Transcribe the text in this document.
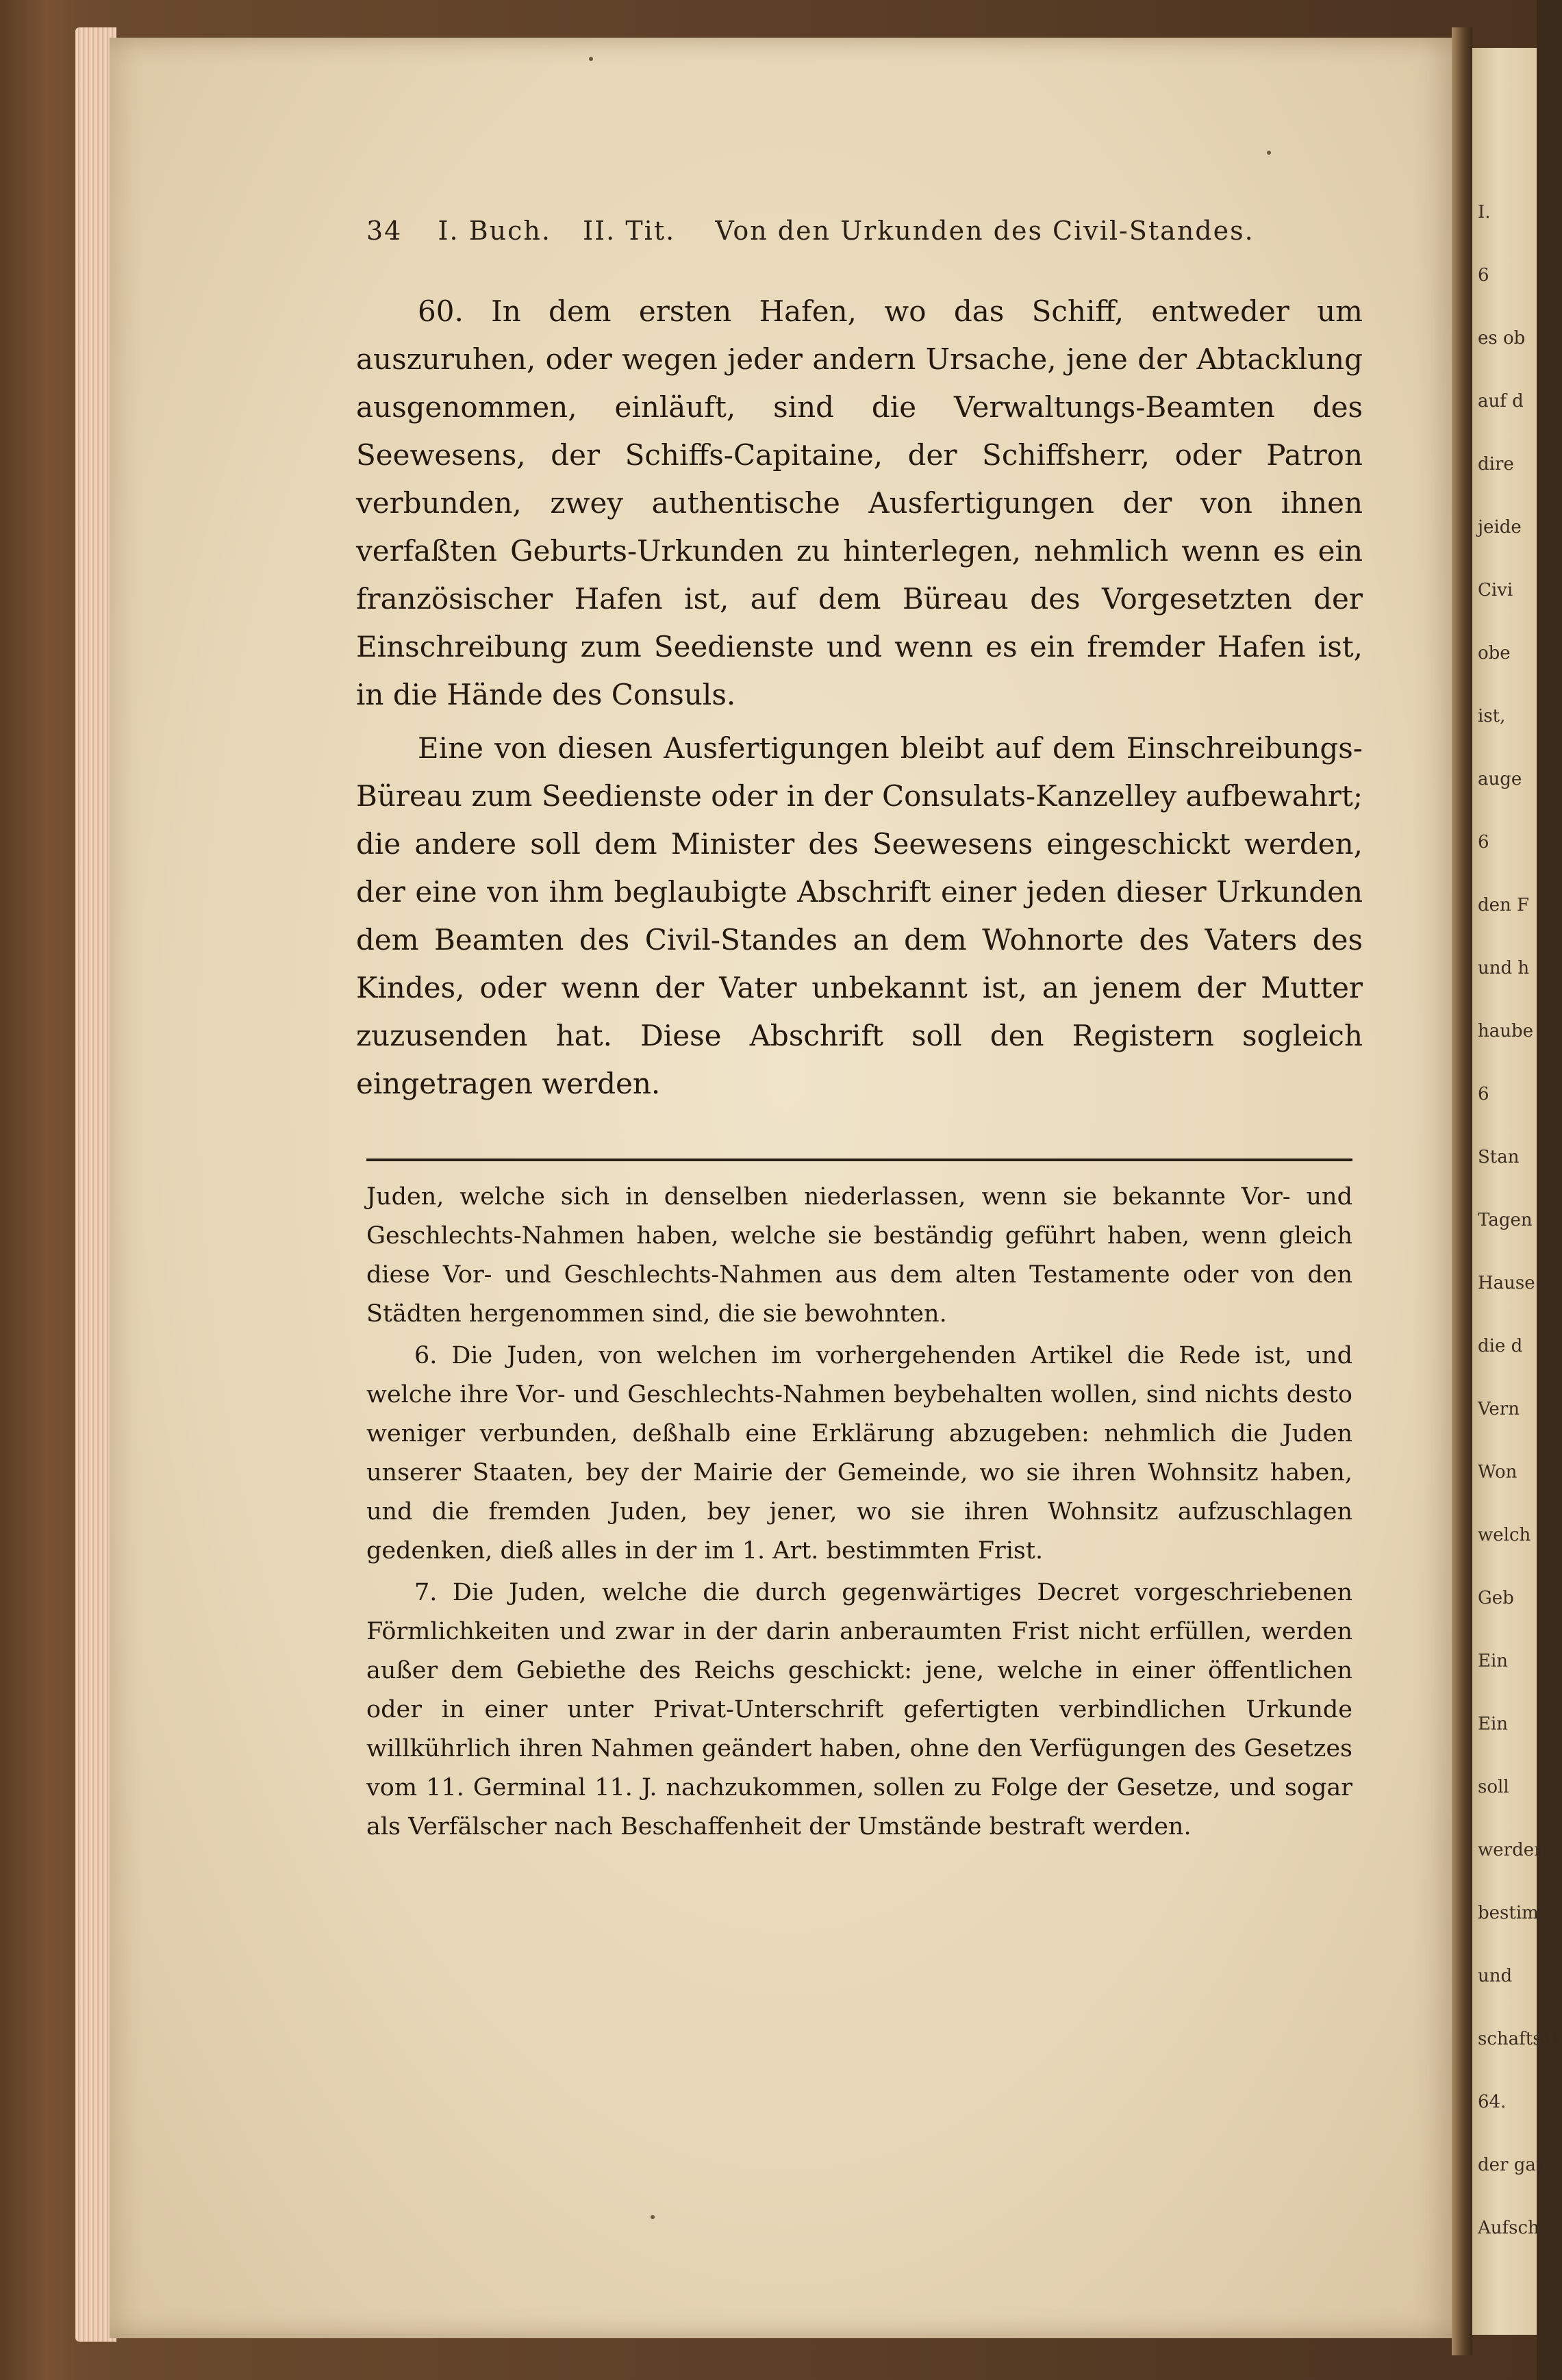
34 I. Buch. II. Tit. Von den Urkunden des Civil-Standes.

60. In dem ersten Hafen, wo das Schiff, entweder um auszuruhen, oder wegen jeder andern Ursache, jene der Abtacklung ausgenommen, einläuft, sind die Verwaltungs-Beamten des Seewesens, der Schiffs-Capitaine, der Schiffsherr, oder Patron verbunden, zwey authentische Ausfertigungen der von ihnen verfaßten Geburts-Urkunden zu hinterlegen, nehmlich wenn es ein französischer Hafen ist, auf dem Büreau des Vorgesetzten der Einschreibung zum Seedienste und wenn es ein fremder Hafen ist, in die Hände des Consuls.

Eine von diesen Ausfertigungen bleibt auf dem Einschreibungs-Büreau zum Seedienste oder in der Consulats-Kanzelley aufbewahrt; die andere soll dem Minister des Seewesens eingeschickt werden, der eine von ihm beglaubigte Abschrift einer jeden dieser Urkunden dem Beamten des Civil-Standes an dem Wohnorte des Vaters des Kindes, oder wenn der Vater unbekannt ist, an jenem der Mutter zuzusenden hat. Diese Abschrift soll den Registern sogleich eingetragen werden.

Juden, welche sich in denselben niederlassen, wenn sie bekannte Vor- und Geschlechts-Nahmen haben, welche sie beständig geführt haben, wenn gleich diese Vor- und Geschlechts-Nahmen aus dem alten Testamente oder von den Städten hergenommen sind, die sie bewohnten.

6. Die Juden, von welchen im vorhergehenden Artikel die Rede ist, und welche ihre Vor- und Geschlechts-Nahmen beybehalten wollen, sind nichts desto weniger verbunden, deßhalb eine Erklärung abzugeben: nehmlich die Juden unserer Staaten, bey der Mairie der Gemeinde, wo sie ihren Wohnsitz haben, und die fremden Juden, bey jener, wo sie ihren Wohnsitz aufzuschlagen gedenken, dieß alles in der im 1. Art. bestimmten Frist.

7. Die Juden, welche die durch gegenwärtiges Decret vorgeschriebenen Förmlichkeiten und zwar in der darin anberaumten Frist nicht erfüllen, werden außer dem Gebiethe des Reichs geschickt: jene, welche in einer öffentlichen oder in einer unter Privat-Unterschrift gefertigten verbindlichen Urkunde willkührlich ihren Nahmen geändert haben, ohne den Verfügungen des Gesetzes vom 11. Germinal 11. J. nachzukommen, sollen zu Folge der Gesetze, und sogar als Verfälscher nach Beschaffenheit der Umstände bestraft werden.

I.
6
es ob
auf d
dire
jeide
Civi
obe
ist,
auge
6
den F
und h
haube
6
Stan
Tagen
Hause
die d
Vern
Won
welch
Geb
Ein
Ein
soll
werden
bestim
und
schafts-G
64.
der gan
Aufsch
